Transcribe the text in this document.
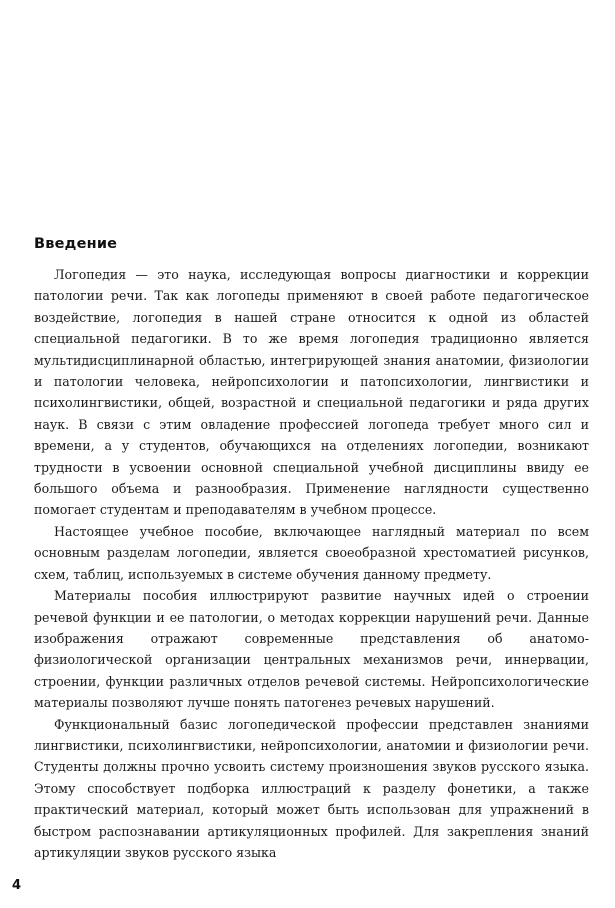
Введение

Логопедия — это наука, исследующая вопросы диагностики и коррекции патологии речи. Так как логопеды применяют в своей работе педагогическое воздействие, логопедия в нашей стране относится к одной из областей специальной педагогики. В то же время логопедия традиционно является мультидисциплинарной областью, интегрирующей знания анатомии, физиологии и патологии человека, нейропсихологии и патопсихологии, лингвистики и психолингвистики, общей, возрастной и специальной педагогики и ряда других наук. В связи с этим овладение профессией логопеда требует много сил и времени, а у студентов, обучающихся на отделениях логопедии, возникают трудности в усвоении основной специальной учебной дисциплины ввиду ее большого объема и разнообразия. Применение наглядности существенно помогает студентам и преподавателям в учебном процессе.

Настоящее учебное пособие, включающее наглядный материал по всем основным разделам логопедии, является своеобразной хрестоматией рисунков, схем, таблиц, используемых в системе обучения данному предмету.

Материалы пособия иллюстрируют развитие научных идей о строении речевой функции и ее патологии, о методах коррекции нарушений речи. Данные изображения отражают современные представления об анатомо-физиологической организации центральных механизмов речи, иннервации, строении, функции различных отделов речевой системы. Нейропсихологические материалы позволяют лучше понять патогенез речевых нарушений.

Функциональный базис логопедической профессии представлен знаниями лингвистики, психолингвистики, нейропсихологии, анатомии и физиологии речи. Студенты должны прочно усвоить систему произношения звуков русского языка. Этому способствует подборка иллюстраций к разделу фонетики, а также практический материал, который может быть использован для упражнений в быстром распознавании артикуляционных профилей. Для закрепления знаний артикуляции звуков русского языка

4
